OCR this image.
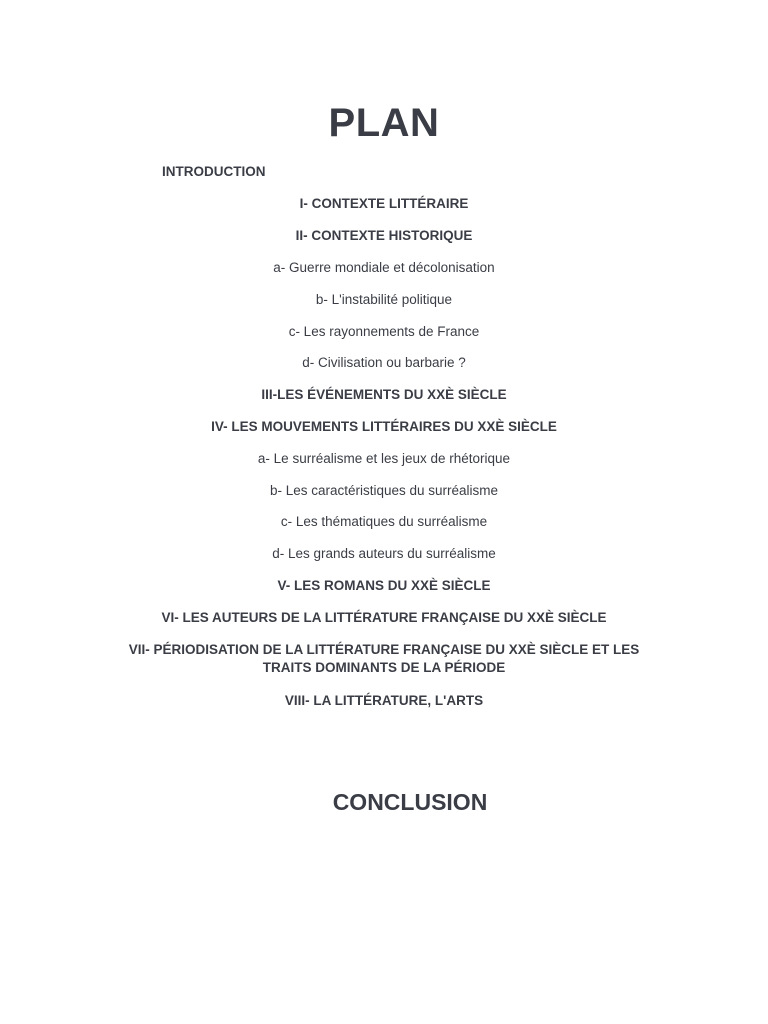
PLAN
INTRODUCTION
I- CONTEXTE LITTÉRAIRE
II- CONTEXTE HISTORIQUE
a- Guerre mondiale et décolonisation
b- L'instabilité politique
c- Les rayonnements de France
d- Civilisation ou barbarie ?
III-LES ÉVÉNEMENTS DU XXÈ SIÈCLE
IV- LES MOUVEMENTS LITTÉRAIRES DU XXÈ SIÈCLE
a- Le surréalisme et les jeux de rhétorique
b- Les caractéristiques du surréalisme
c- Les thématiques du surréalisme
d- Les grands auteurs du surréalisme
V- LES ROMANS DU XXÈ SIÈCLE
VI- LES AUTEURS DE LA LITTÉRATURE FRANÇAISE DU XXÈ SIÈCLE
VII- PÉRIODISATION DE LA LITTÉRATURE FRANÇAISE DU XXÈ SIÈCLE ET LES TRAITS DOMINANTS DE LA PÉRIODE
VIII- LA LITTÉRATURE, L'ARTS
CONCLUSION
